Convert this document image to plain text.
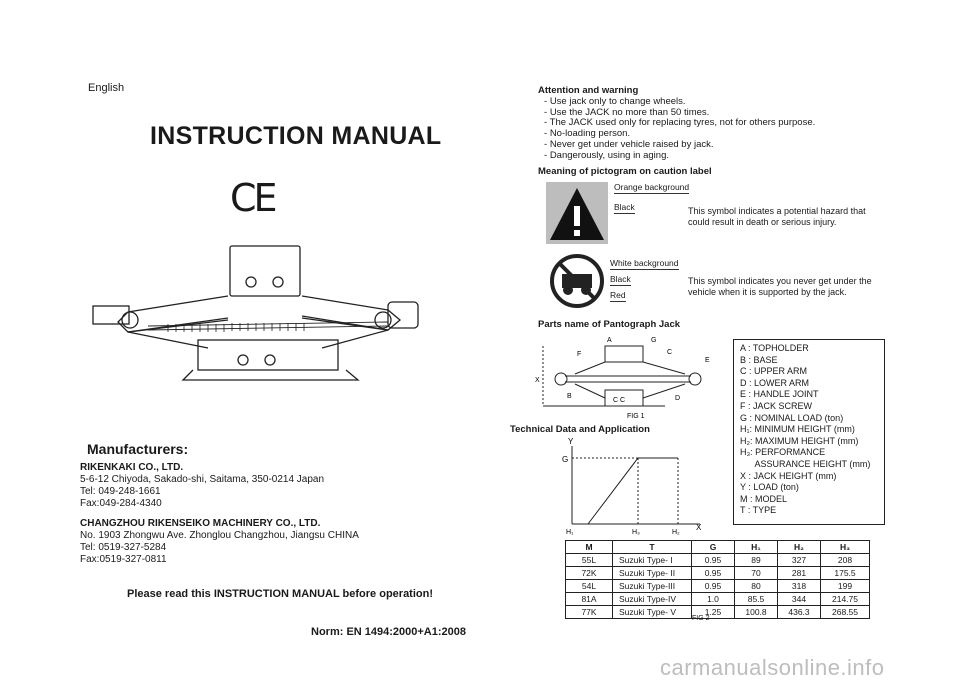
English
INSTRUCTION MANUAL
CE
Manufacturers:
RIKENKAKI CO., LTD.
5-6-12 Chiyoda, Sakado-shi, Saitama, 350-0214 Japan
Tel: 049-248-1661
Fax:049-284-4340
CHANGZHOU RIKENSEIKO MACHINERY CO., LTD.
No. 1903 Zhongwu Ave. Zhonglou Changzhou, Jiangsu CHINA
Tel: 0519-327-5284
Fax:0519-327-0811
Please read this INSTRUCTION MANUAL before operation!
Norm: EN 1494:2000+A1:2008
Attention and warning
- Use jack only to change wheels.
- Use the JACK no more than 50 times.
- The JACK used only for replacing tyres, not for others purpose.
- No-loading person.
- Never get under vehicle raised by jack.
- Dangerously, using in aging.
Meaning of pictogram on caution label
Orange background
Black	This symbol indicates a potential hazard that could result in death or serious injury.
White background
Black
Red
This symbol indicates you never get under the vehicle when it is supported by the jack.
Parts name of Pantograph Jack
A	G
F	C
E
X
B
C C	D
FIG 1
Technical Data and Application
Y
G
X
H₁	H₃	H₂
A : TOPHOLDER
B : BASE
C : UPPER ARM
D : LOWER ARM
E : HANDLE JOINT
F : JACK SCREW
G : NOMINAL LOAD (ton)
H₁: MINIMUM HEIGHT (mm)
H₂: MAXIMUM HEIGHT (mm)
H₃: PERFORMANCE
ASSURANCE HEIGHT (mm)
X : JACK HEIGHT (mm)
Y : LOAD (ton)
M : MODEL
T : TYPE
M	T	G	H₁	H₂	H₃
55L	Suzuki Type- I	0.95	89	327	208
72K	Suzuki Type- II	0.95	70	281	175.5
54L	Suzuki Type-III	0.95	80	318	199
81A	Suzuki Type-IV	1.0	85.5	344	214.75
77K	Suzuki Type- V	1.25	100.8	436.3	268.55
FIG 2
carmanualsonline.info
